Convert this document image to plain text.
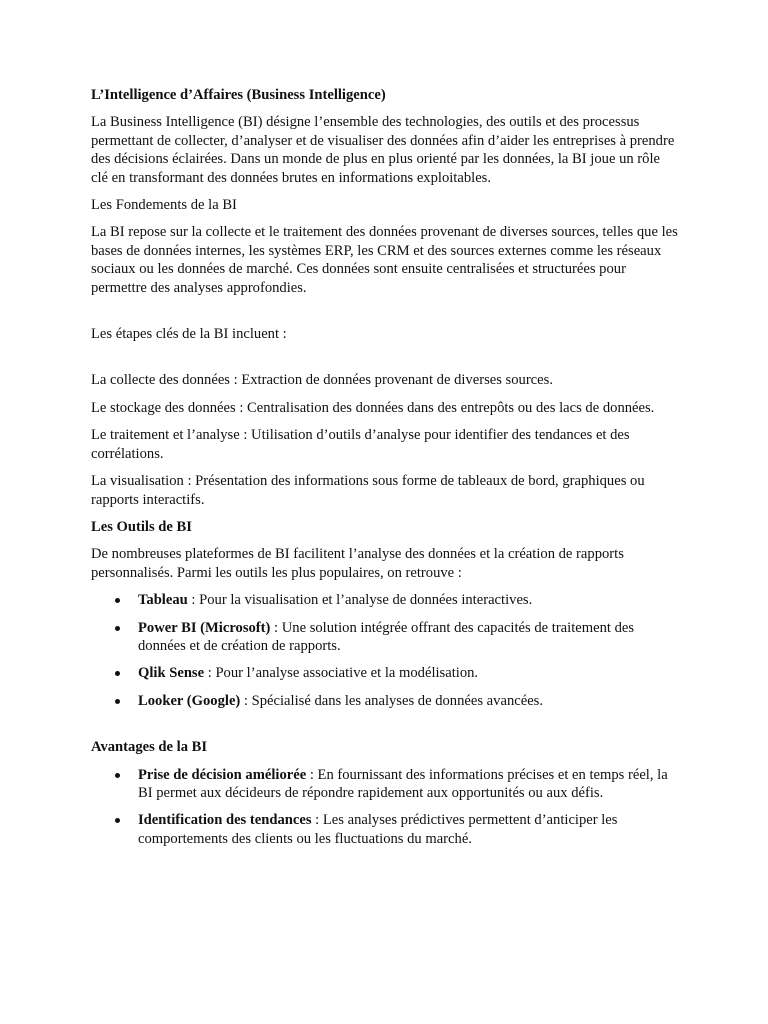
L’Intelligence d’Affaires (Business Intelligence)

La Business Intelligence (BI) désigne l’ensemble des technologies, des outils et des processus permettant de collecter, d’analyser et de visualiser des données afin d’aider les entreprises à prendre des décisions éclairées. Dans un monde de plus en plus orienté par les données, la BI joue un rôle clé en transformant des données brutes en informations exploitables.

Les Fondements de la BI

La BI repose sur la collecte et le traitement des données provenant de diverses sources, telles que les bases de données internes, les systèmes ERP, les CRM et des sources externes comme les réseaux sociaux ou les données de marché. Ces données sont ensuite centralisées et structurées pour permettre des analyses approfondies.

Les étapes clés de la BI incluent :

La collecte des données : Extraction de données provenant de diverses sources.

Le stockage des données : Centralisation des données dans des entrepôts ou des lacs de données.

Le traitement et l’analyse : Utilisation d’outils d’analyse pour identifier des tendances et des corrélations.

La visualisation : Présentation des informations sous forme de tableaux de bord, graphiques ou rapports interactifs.

Les Outils de BI

De nombreuses plateformes de BI facilitent l’analyse des données et la création de rapports personnalisés. Parmi les outils les plus populaires, on retrouve :

Tableau : Pour la visualisation et l’analyse de données interactives.
Power BI (Microsoft) : Une solution intégrée offrant des capacités de traitement des données et de création de rapports.
Qlik Sense : Pour l’analyse associative et la modélisation.
Looker (Google) : Spécialisé dans les analyses de données avancées.

Avantages de la BI

Prise de décision améliorée : En fournissant des informations précises et en temps réel, la BI permet aux décideurs de répondre rapidement aux opportunités ou aux défis.
Identification des tendances : Les analyses prédictives permettent d’anticiper les comportements des clients ou les fluctuations du marché.
